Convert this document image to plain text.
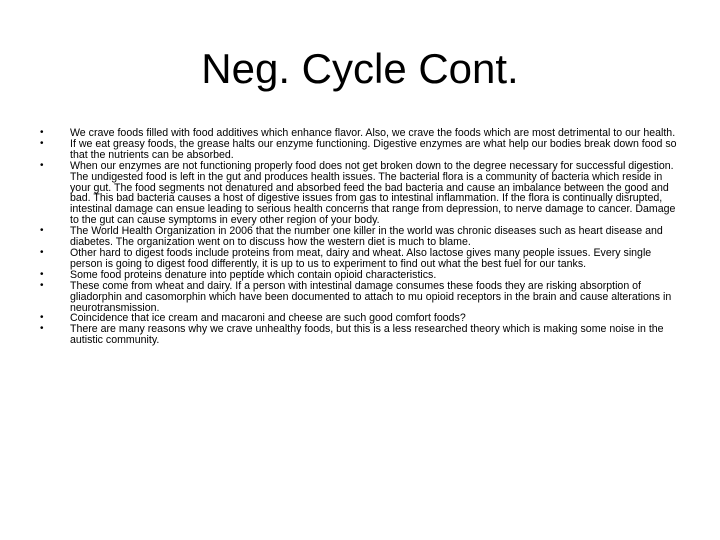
Neg. Cycle Cont.
• We crave foods filled with food additives which enhance flavor. Also, we crave the foods which are most detrimental to our health.
• If we eat greasy foods, the grease halts our enzyme functioning. Digestive enzymes are what help our bodies break down food so that the nutrients can be absorbed.
• When our enzymes are not functioning properly food does not get broken down to the degree necessary for successful digestion. The undigested food is left in the gut and produces health issues. The bacterial flora is a community of bacteria which reside in your gut. The food segments not denatured and absorbed feed the bad bacteria and cause an imbalance between the good and bad. This bad bacteria causes a host of digestive issues from gas to intestinal inflammation. If the flora is continually disrupted, intestinal damage can ensue leading to serious health concerns that range from depression, to nerve damage to cancer. Damage to the gut can cause symptoms in every other region of your body.
• The World Health Organization in 2006 that the number one killer in the world was chronic diseases such as heart disease and diabetes. The organization went on to discuss how the western diet is much to blame.
• Other hard to digest foods include proteins from meat, dairy and wheat. Also lactose gives many people issues. Every single person is going to digest food differently, it is up to us to experiment to find out what the best fuel for our tanks.
• Some food proteins denature into peptide which contain opioid characteristics.
• These come from wheat and dairy. If a person with intestinal damage consumes these foods they are risking absorption of gliadorphin and casomorphin which have been documented to attach to mu opioid receptors in the brain and cause alterations in neurotransmission.
• Coincidence that ice cream and macaroni and cheese are such good comfort foods?
• There are many reasons why we crave unhealthy foods, but this is a less researched theory which is making some noise in the autistic community.
